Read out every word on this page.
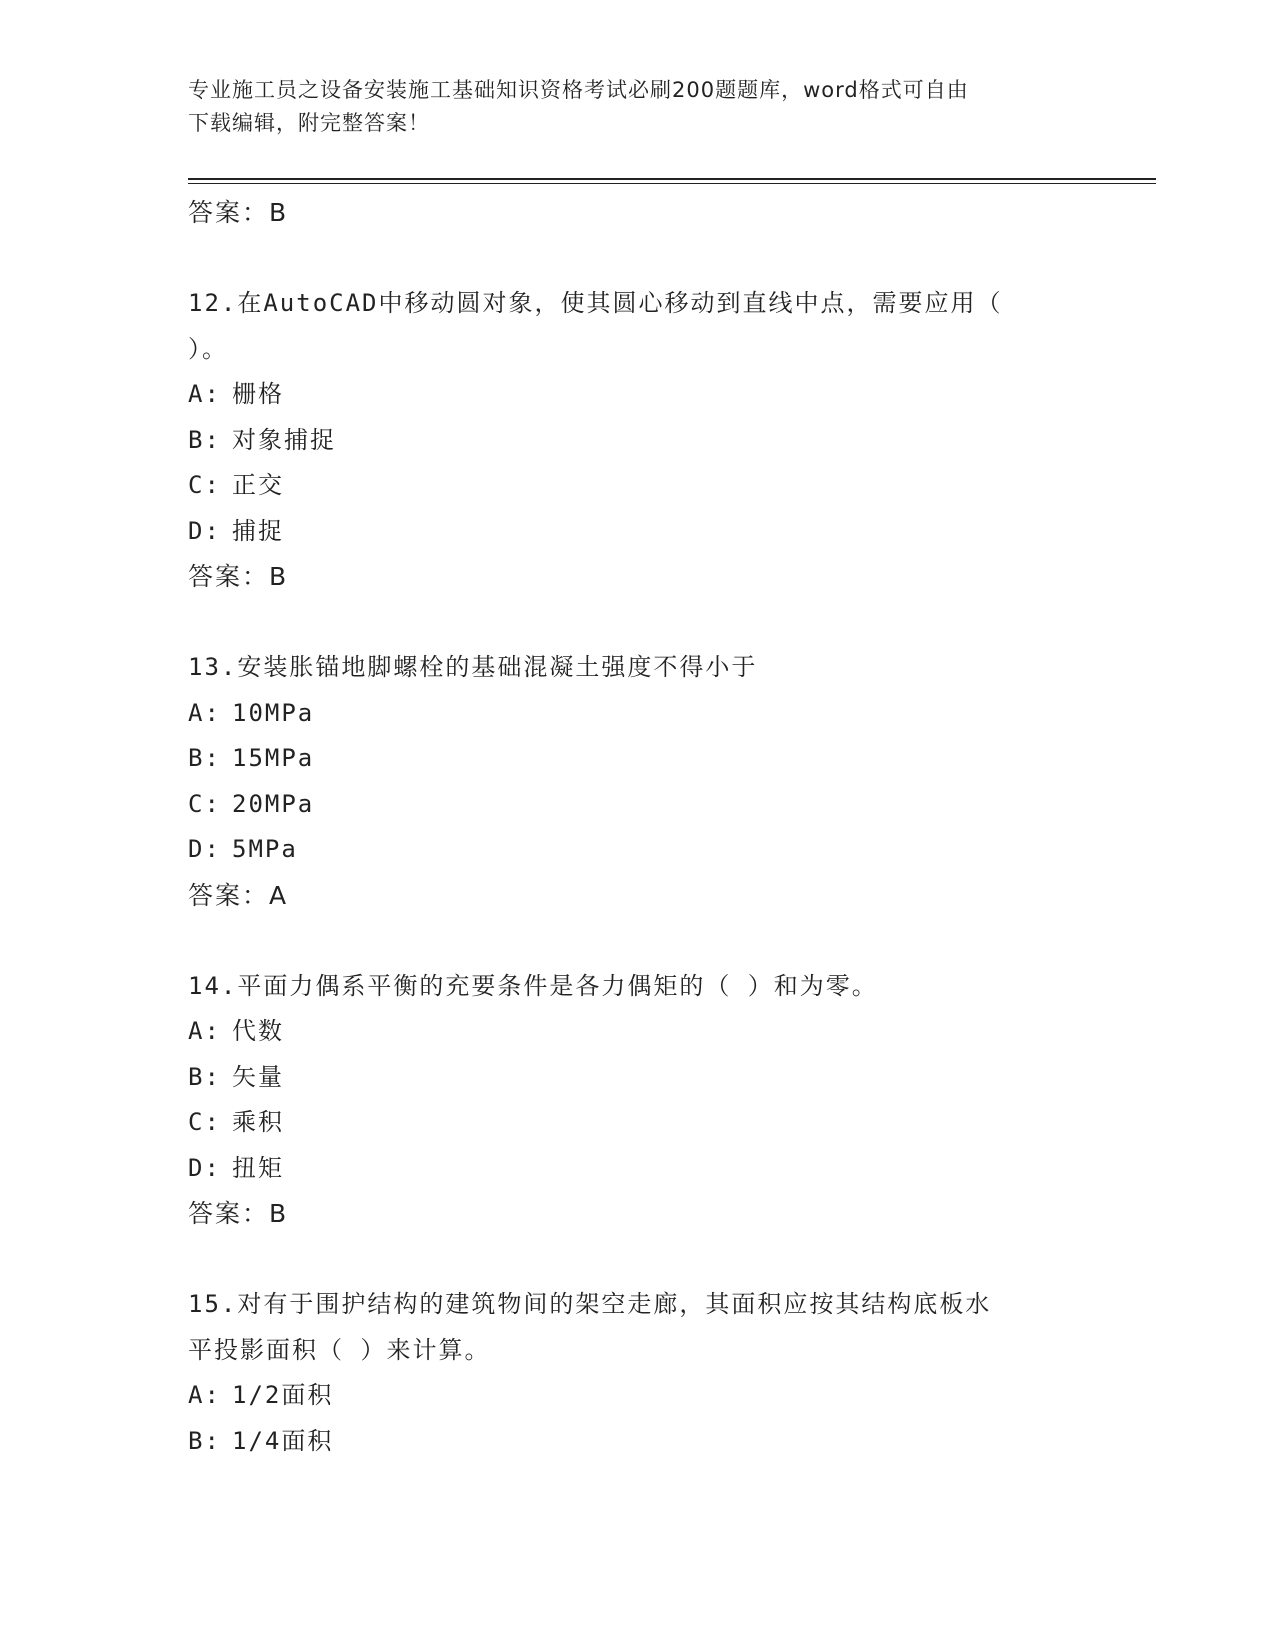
专业施工员之设备安装施工基础知识资格考试必刷200题题库，word格式可自由
下载编辑，附完整答案！
答案：B
12.在AutoCAD中移动圆对象，使其圆心移动到直线中点，需要应用（
）。
A: 栅格
B: 对象捕捉
C: 正交
D: 捕捉
答案：B
13.安装胀锚地脚螺栓的基础混凝土强度不得小于
A: 10MPa
B: 15MPa
C: 20MPa
D: 5MPa
答案：A
14.平面力偶系平衡的充要条件是各力偶矩的（ ）和为零。
A: 代数
B: 矢量
C: 乘积
D: 扭矩
答案：B
15.对有于围护结构的建筑物间的架空走廊，其面积应按其结构底板水
平投影面积（ ）来计算。
A: 1/2面积
B: 1/4面积
